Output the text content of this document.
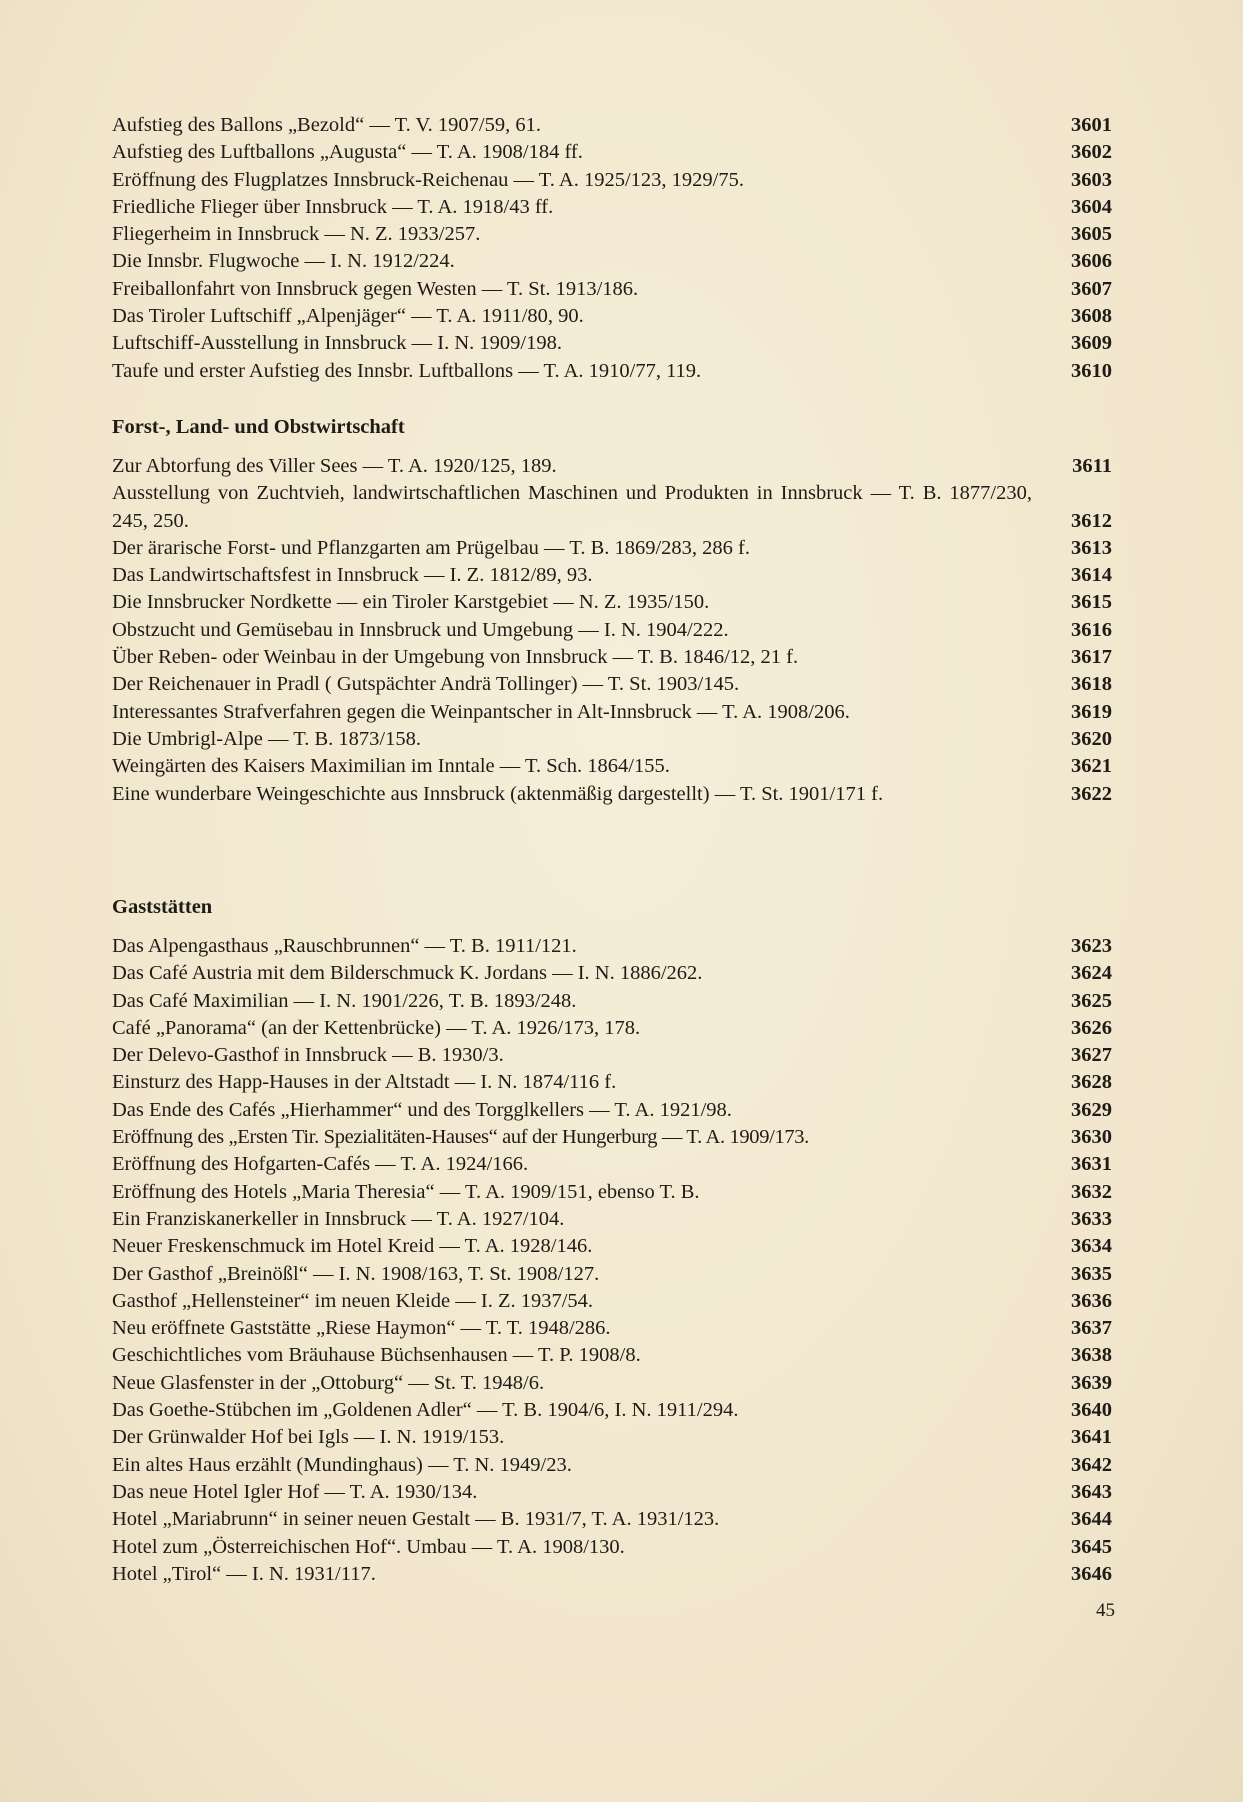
Aufstieg des Ballons „Bezold“ — T. V. 1907/59, 61.	3601
Aufstieg des Luftballons „Augusta“ — T. A. 1908/184 ff.	3602
Eröffnung des Flugplatzes Innsbruck-Reichenau — T. A. 1925/123, 1929/75.	3603
Friedliche Flieger über Innsbruck — T. A. 1918/43 ff.	3604
Fliegerheim in Innsbruck — N. Z. 1933/257.	3605
Die Innsbr. Flugwoche — I. N. 1912/224.	3606
Freiballonfahrt von Innsbruck gegen Westen — T. St. 1913/186.	3607
Das Tiroler Luftschiff „Alpenjäger“ — T. A. 1911/80, 90.	3608
Luftschiff-Ausstellung in Innsbruck — I. N. 1909/198.	3609
Taufe und erster Aufstieg des Innsbr. Luftballons — T. A. 1910/77, 119.	3610
Forst-, Land- und Obstwirtschaft
Zur Abtorfung des Viller Sees — T. A. 1920/125, 189.	3611
Ausstellung von Zuchtvieh, landwirtschaftlichen Maschinen und Produkten in Innsbruck — T. B. 1877/230, 245, 250.	3612
Der ärarische Forst- und Pflanzgarten am Prügelbau — T. B. 1869/283, 286 f.	3613
Das Landwirtschaftsfest in Innsbruck — I. Z. 1812/89, 93.	3614
Die Innsbrucker Nordkette — ein Tiroler Karstgebiet — N. Z. 1935/150.	3615
Obstzucht und Gemüsebau in Innsbruck und Umgebung — I. N. 1904/222.	3616
Über Reben- oder Weinbau in der Umgebung von Innsbruck — T. B. 1846/12, 21 f.	3617
Der Reichenauer in Pradl ( Gutspächter Andrä Tollinger) — T. St. 1903/145.	3618
Interessantes Strafverfahren gegen die Weinpantscher in Alt-Innsbruck — T. A. 1908/206.	3619
Die Umbrigl-Alpe — T. B. 1873/158.	3620
Weingärten des Kaisers Maximilian im Inntale — T. Sch. 1864/155.	3621
Eine wunderbare Weingeschichte aus Innsbruck (aktenmäßig dargestellt) — T. St. 1901/171 f.	3622
Gaststätten
Das Alpengasthaus „Rauschbrunnen“ — T. B. 1911/121.	3623
Das Café Austria mit dem Bilderschmuck K. Jordans — I. N. 1886/262.	3624
Das Café Maximilian — I. N. 1901/226, T. B. 1893/248.	3625
Café „Panorama“ (an der Kettenbrücke) — T. A. 1926/173, 178.	3626
Der Delevo-Gasthof in Innsbruck — B. 1930/3.	3627
Einsturz des Happ-Hauses in der Altstadt — I. N. 1874/116 f.	3628
Das Ende des Cafés „Hierhammer“ und des Torgglkellers — T. A. 1921/98.	3629
Eröffnung des „Ersten Tir. Spezialitäten-Hauses“ auf der Hungerburg — T. A. 1909/173.	3630
Eröffnung des Hofgarten-Cafés — T. A. 1924/166.	3631
Eröffnung des Hotels „Maria Theresia“ — T. A. 1909/151, ebenso T. B.	3632
Ein Franziskanerkeller in Innsbruck — T. A. 1927/104.	3633
Neuer Freskenschmuck im Hotel Kreid — T. A. 1928/146.	3634
Der Gasthof „Breinößl“ — I. N. 1908/163, T. St. 1908/127.	3635
Gasthof „Hellensteiner“ im neuen Kleide — I. Z. 1937/54.	3636
Neu eröffnete Gaststätte „Riese Haymon“ — T. T. 1948/286.	3637
Geschichtliches vom Bräuhause Büchsenhausen — T. P. 1908/8.	3638
Neue Glasfenster in der „Ottoburg“ — St. T. 1948/6.	3639
Das Goethe-Stübchen im „Goldenen Adler“ — T. B. 1904/6, I. N. 1911/294.	3640
Der Grünwalder Hof bei Igls — I. N. 1919/153.	3641
Ein altes Haus erzählt (Mundinghaus) — T. N. 1949/23.	3642
Das neue Hotel Igler Hof — T. A. 1930/134.	3643
Hotel „Mariabrunn“ in seiner neuen Gestalt — B. 1931/7, T. A. 1931/123.	3644
Hotel zum „Österreichischen Hof“. Umbau — T. A. 1908/130.	3645
Hotel „Tirol“ — I. N. 1931/117.	3646
45
